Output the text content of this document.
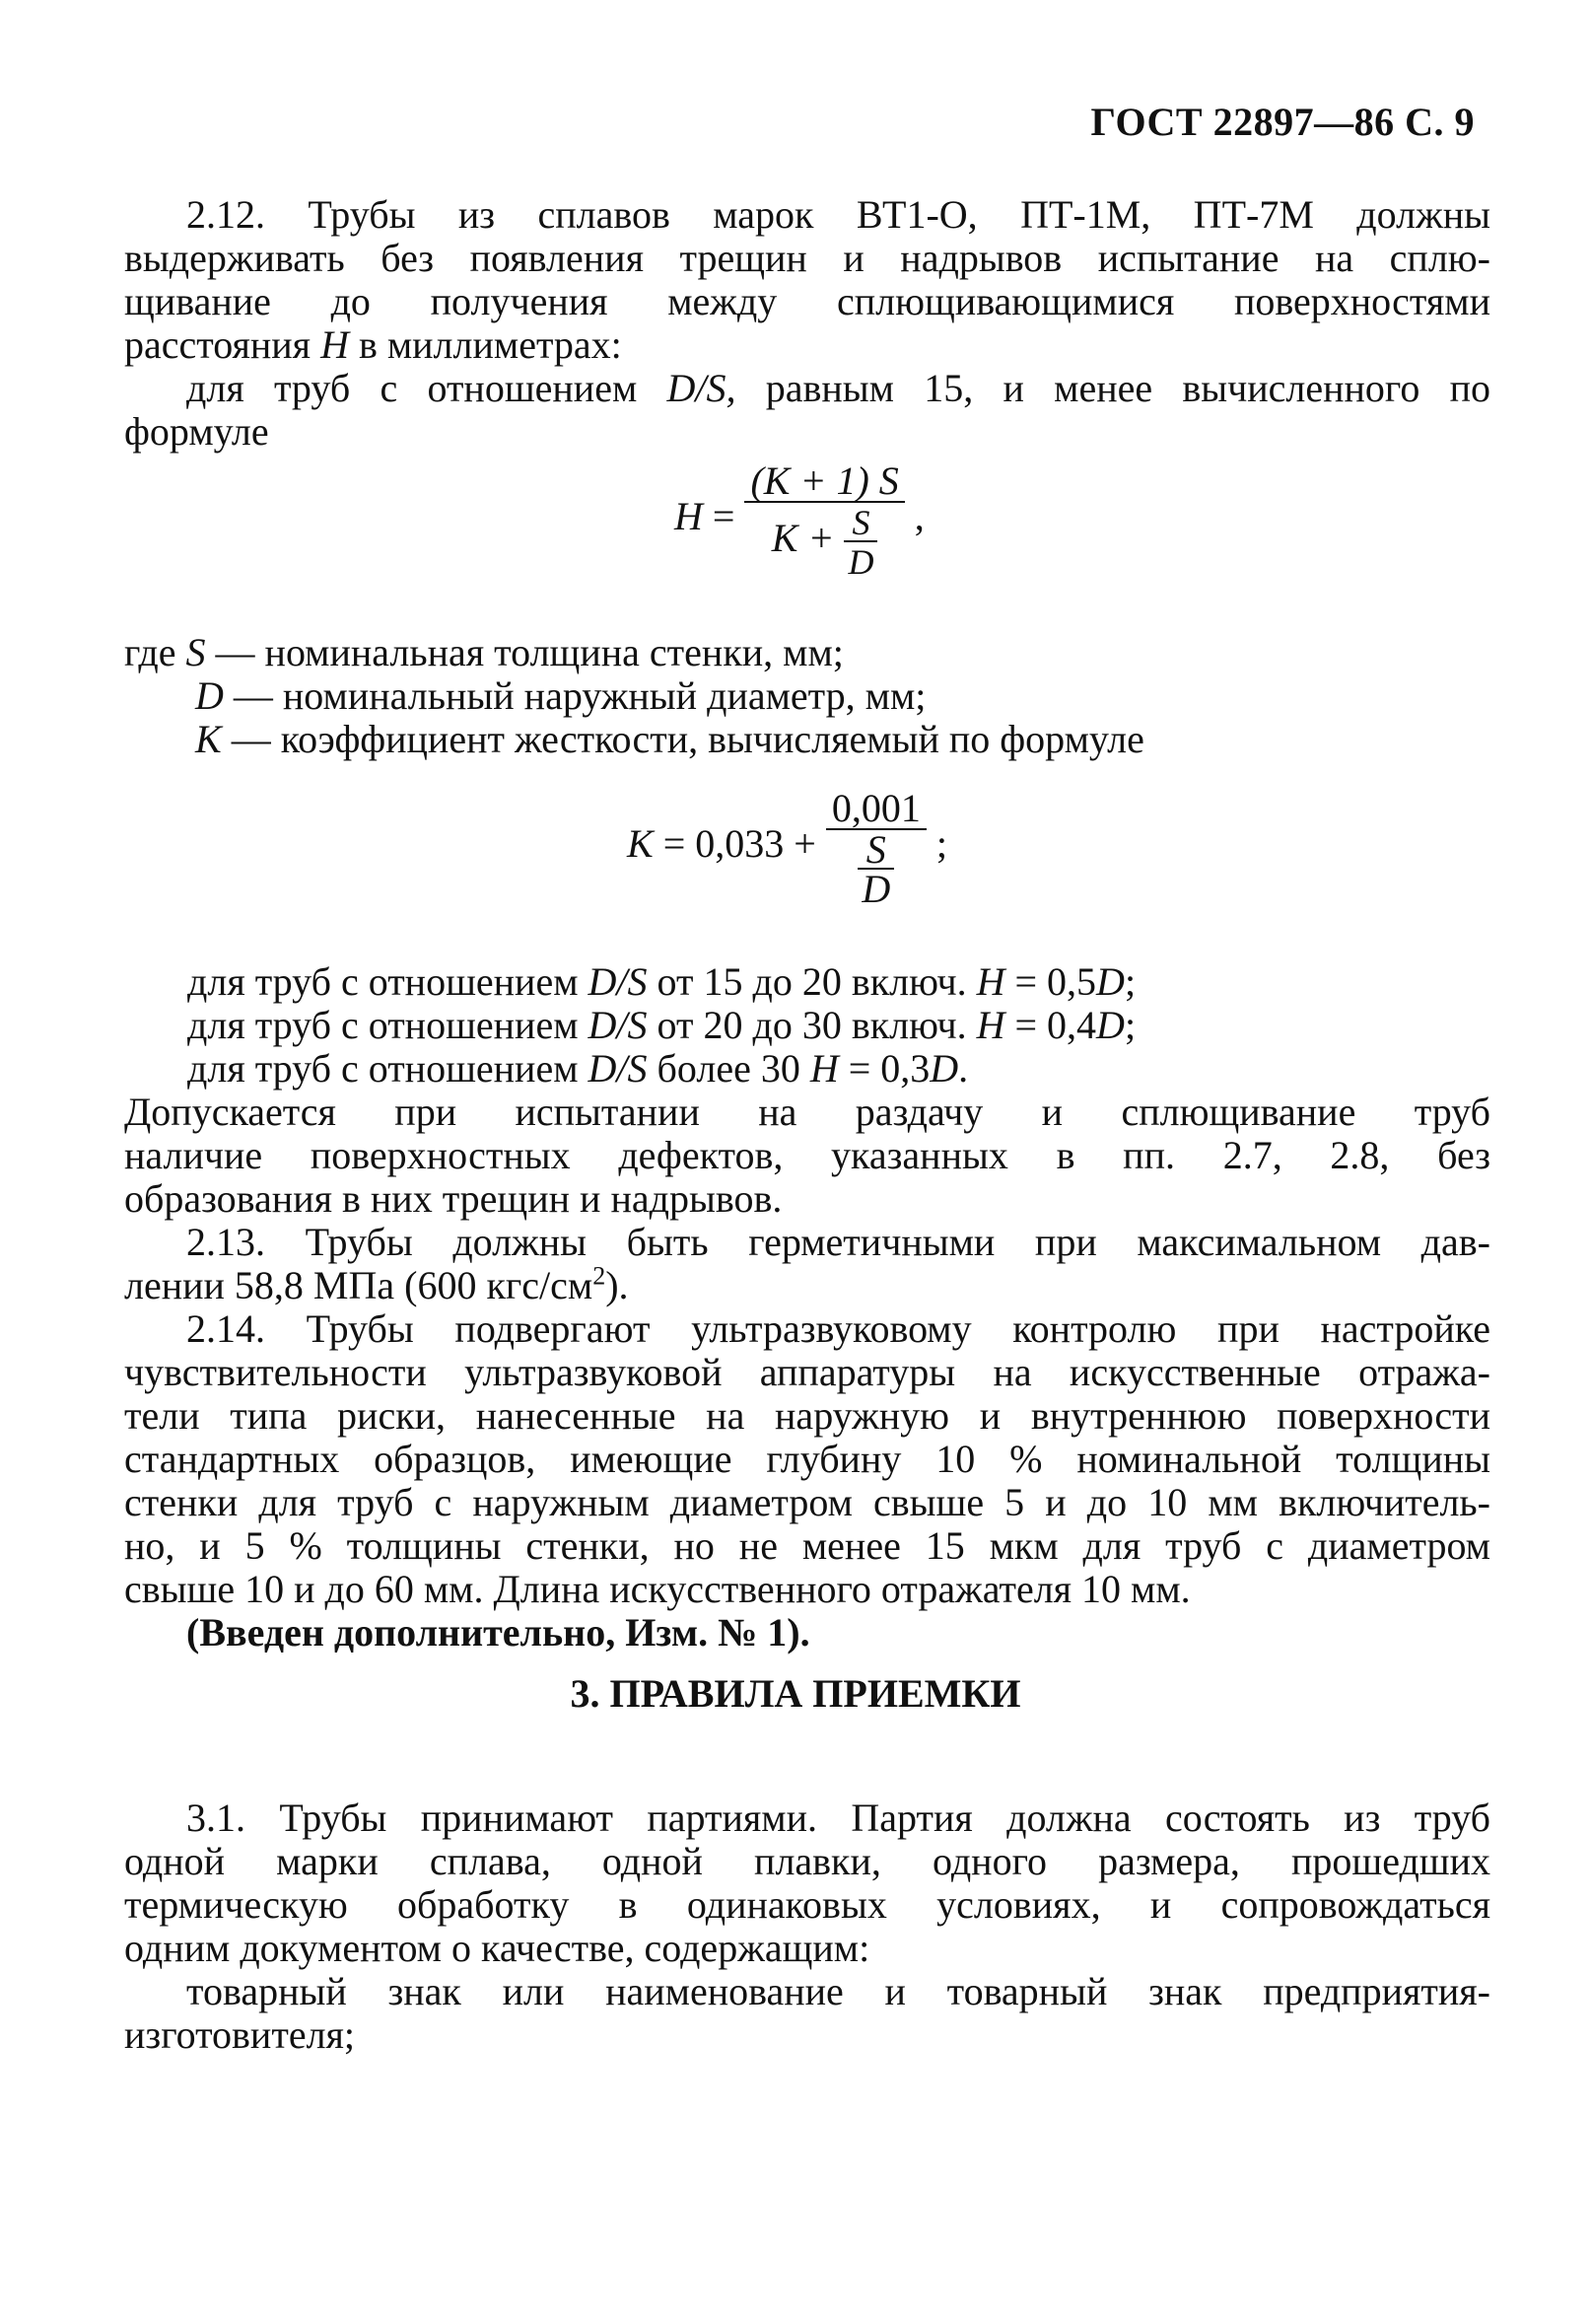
ГОСТ 22897—86 С. 9
2.12. Трубы из сплавов марок ВТ1-О, ПТ-1М, ПТ-7М должны
выдерживать без появления трещин и надрывов испытание на сплю-
щивание до получения между сплющивающимися поверхностями
расстояния H в миллиметрах:
для труб с отношением D/S, равным 15, и менее вычисленного по
формуле
$H = \frac{(K + 1) S}{K + \frac{S}{D}}$ ,
где S — номинальная толщина стенки, мм;
D — номинальный наружный диаметр, мм;
K — коэффициент жесткости, вычисляемый по формуле
$K = 0,033 + \frac{0,001}{\frac{S}{D}}$ ;
для труб с отношением D/S от 15 до 20 включ. H = 0,5D;
для труб с отношением D/S от 20 до 30 включ. H = 0,4D;
для труб с отношением D/S более 30 H = 0,3D.
Допускается при испытании на раздачу и сплющивание труб
наличие поверхностных дефектов, указанных в пп. 2.7, 2.8, без
образования в них трещин и надрывов.
2.13. Трубы должны быть герметичными при максимальном дав-
лении 58,8 МПа (600 кгс/$см^2$).
2.14. Трубы подвергают ультразвуковому контролю при настройке
чувствительности ультразвуковой аппаратуры на искусственные отража-
тели типа риски, нанесенные на наружную и внутреннюю поверхности
стандартных образцов, имеющие глубину 10 % номинальной толщины
стенки для труб с наружным диаметром свыше 5 и до 10 мм включитель-
но, и 5 % толщины стенки, но не менее 15 мкм для труб с диаметром
свыше 10 и до 60 мм. Длина искусственного отражателя 10 мм.
(Введен дополнительно, Изм. № 1).
3. ПРАВИЛА ПРИЕМКИ
3.1. Трубы принимают партиями. Партия должна состоять из труб
одной марки сплава, одной плавки, одного размера, прошедших
термическую обработку в одинаковых условиях, и сопровождаться
одним документом о качестве, содержащим:
товарный знак или наименование и товарный знак предприятия-
изготовителя;
